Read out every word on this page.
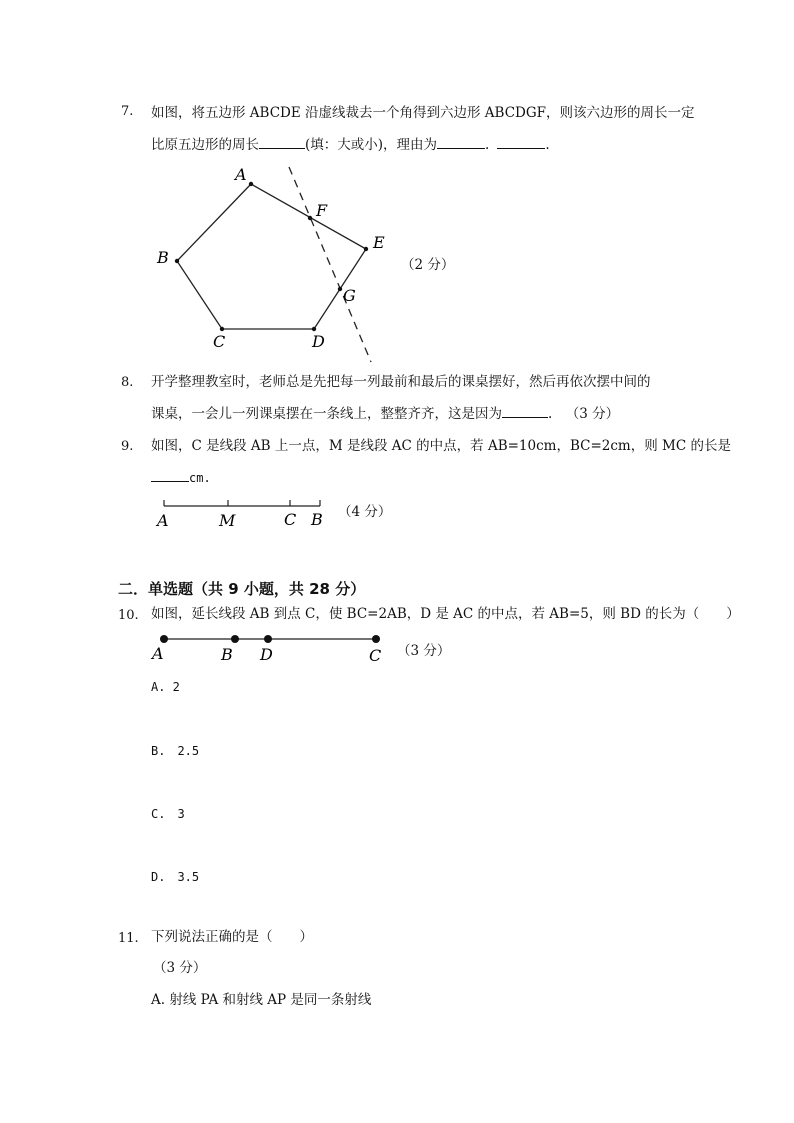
7. 如图，将五边形 ABCDE 沿虚线裁去一个角得到六边形 ABCDGF，则该六边形的周长一定
比原五边形的周长	(填：大或小)，理由为	.	.
A
B
C	D
E
F
G
（2 分）
8. 开学整理教室时，老师总是先把每一列最前和最后的课桌摆好，然后再依次摆中间的
课桌，一会儿一列课桌摆在一条线上，整整齐齐，这是因为	.  （3 分）
9. 如图，C 是线段 AB 上一点，M 是线段 AC 的中点，若 AB=10cm，BC=2cm，则 MC 的长是
cm.
A	M	C B （4 分）
二．单选题（共 9 小题，共 28 分）
10. 如图，延长线段 AB 到点 C，使 BC=2AB，D 是 AC 的中点，若 AB=5，则 BD 的长为（　　）
A	B D	C （3 分）
A. 2
B.　2.5
C.　3
D.　3.5
11. 下列说法正确的是（　　）
（3 分）
A. 射线 PA 和射线 AP 是同一条射线
